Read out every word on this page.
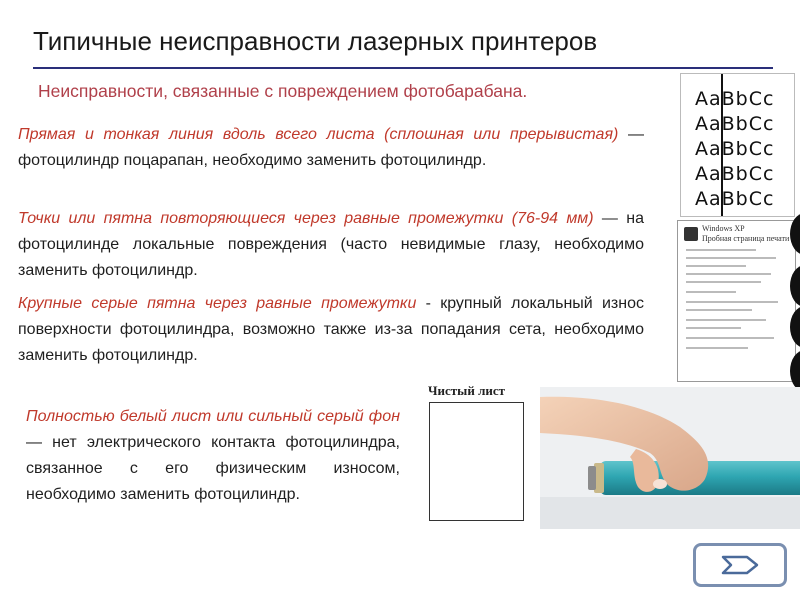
Типичные неисправности лазерных принтеров
Неисправности, связанные с повреждением фотобарабана.
Прямая и тонкая линия вдоль всего листа (сплошная или прерывистая) — фотоцилиндр поцарапан, необходимо заменить фотоцилиндр.
Точки или пятна повторяющиеся через равные промежутки (76-94 мм) — на фотоцилинде локальные повреждения (часто невидимые глазу, необходимо заменить фотоцилиндр.
Крупные серые пятна через равные промежутки - крупный локальный износ поверхности фотоцилиндра, возможно также из-за попадания сета, необходимо заменить фотоцилиндр.
Полностью белый лист или сильный серый фон — нет электрического контакта фотоцилиндра, связанное с его физическим износом, необходимо заменить фотоцилиндр.
AaBbCc
AaBbCc
AaBbCc
AaBbCc
AaBbCc
Windows XP
Пробная страница печати
Чистый лист
